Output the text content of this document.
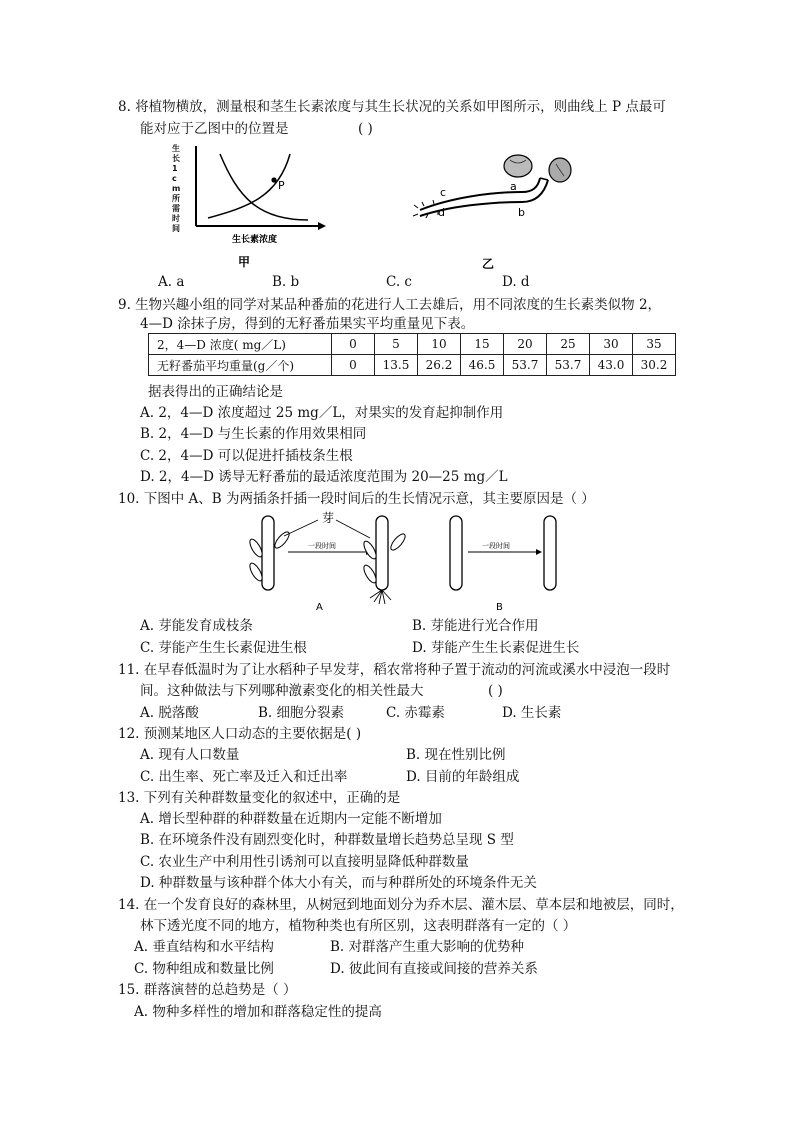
8. 将植物横放，测量根和茎生长素浓度与其生长状况的关系如甲图所示，则曲线上 P 点最可
能对应于乙图中的位置是	( )
P
生长1cm所需时间
生长素浓度
甲
c
d
a
b
乙
A. a	B. b	C. c	D. d
9. 生物兴趣小组的同学对某品种番茄的花进行人工去雄后，用不同浓度的生长素类似物 2，
4—D 涂抹子房，得到的无籽番茄果实平均重量见下表。
2，4—D 浓度( mg／L)	0	5	10	15	20	25	30	35
无籽番茄平均重量(g／个)	0	13.5	26.2	46.5	53.7	53.7	43.0	30.2
据表得出的正确结论是
A. 2，4—D 浓度超过 25 mg／L，对果实的发育起抑制作用
B. 2，4—D 与生长素的作用效果相同
C. 2，4—D 可以促进扦插枝条生根
D. 2，4—D 诱导无籽番茄的最适浓度范围为 20—25 mg／L
10. 下图中 A、B 为两插条扦插一段时间后的生长情况示意，其主要原因是（ ）
一段时间
芽
A
一段时间
B
A. 芽能发育成枝条	B. 芽能进行光合作用
C. 芽能产生生长素促进生根	D. 芽能产生生长素促进生长
11. 在早春低温时为了让水稻种子早发芽，稻农常将种子置于流动的河流或溪水中浸泡一段时
间。这种做法与下列哪种激素变化的相关性最大	( )
A. 脱落酸	B. 细胞分裂素	C. 赤霉素	D. 生长素
12. 预测某地区人口动态的主要依据是( )
A. 现有人口数量	B. 现在性别比例
C. 出生率、死亡率及迁入和迁出率	D. 目前的年龄组成
13. 下列有关种群数量变化的叙述中，正确的是
A. 增长型种群的种群数量在近期内一定能不断增加
B. 在环境条件没有剧烈变化时，种群数量增长趋势总呈现 S 型
C. 农业生产中利用性引诱剂可以直接明显降低种群数量
D. 种群数量与该种群个体大小有关，而与种群所处的环境条件无关
14. 在一个发育良好的森林里，从树冠到地面划分为乔木层、灌木层、草本层和地被层，同时，
林下透光度不同的地方，植物种类也有所区别，这表明群落有一定的（ ）
A. 垂直结构和水平结构	B. 对群落产生重大影响的优势种
C. 物种组成和数量比例	D. 彼此间有直接或间接的营养关系
15. 群落演替的总趋势是（ ）
A. 物种多样性的增加和群落稳定性的提高
